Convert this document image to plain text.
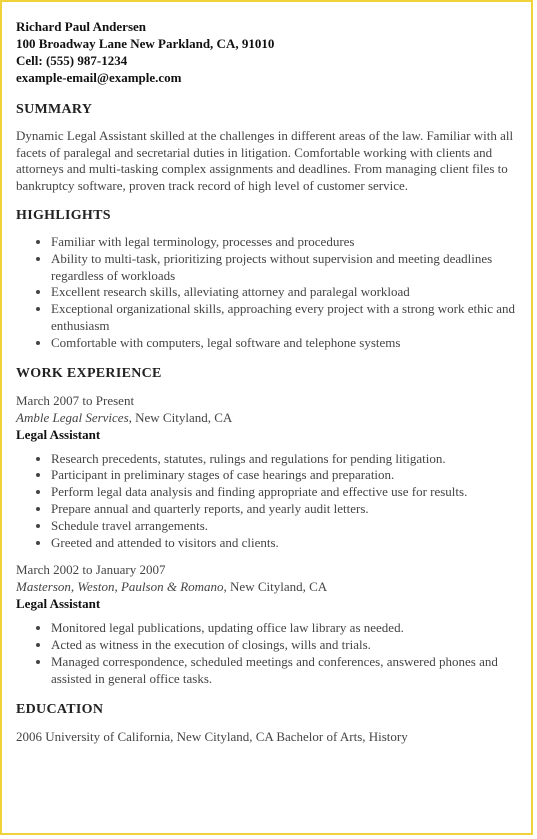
Richard Paul Andersen
100 Broadway Lane New Parkland, CA, 91010
Cell: (555) 987-1234
example-email@example.com
SUMMARY

Dynamic Legal Assistant skilled at the challenges in different areas of the law. Familiar with all facets of paralegal and secretarial duties in litigation. Comfortable working with clients and attorneys and multi-tasking complex assignments and deadlines. From managing client files to bankruptcy software, proven track record of high level of customer service.

HIGHLIGHTS
• Familiar with legal terminology, processes and procedures
• Ability to multi-task, prioritizing projects without supervision and meeting deadlines regardless of workloads
• Excellent research skills, alleviating attorney and paralegal workload
• Exceptional organizational skills, approaching every project with a strong work ethic and enthusiasm
• Comfortable with computers, legal software and telephone systems
WORK EXPERIENCE
March 2007 to Present
Amble Legal Services, New Cityland, CA
Legal Assistant
• Research precedents, statutes, rulings and regulations for pending litigation.
• Participant in preliminary stages of case hearings and preparation.
• Perform legal data analysis and finding appropriate and effective use for results.
• Prepare annual and quarterly reports, and yearly audit letters.
• Schedule travel arrangements.
• Greeted and attended to visitors and clients.
March 2002 to January 2007
Masterson, Weston, Paulson & Romano, New Cityland, CA
Legal Assistant
• Monitored legal publications, updating office law library as needed.
• Acted as witness in the execution of closings, wills and trials.
• Managed correspondence, scheduled meetings and conferences, answered phones and assisted in general office tasks.
EDUCATION
2006 University of California, New Cityland, CA Bachelor of Arts, History
